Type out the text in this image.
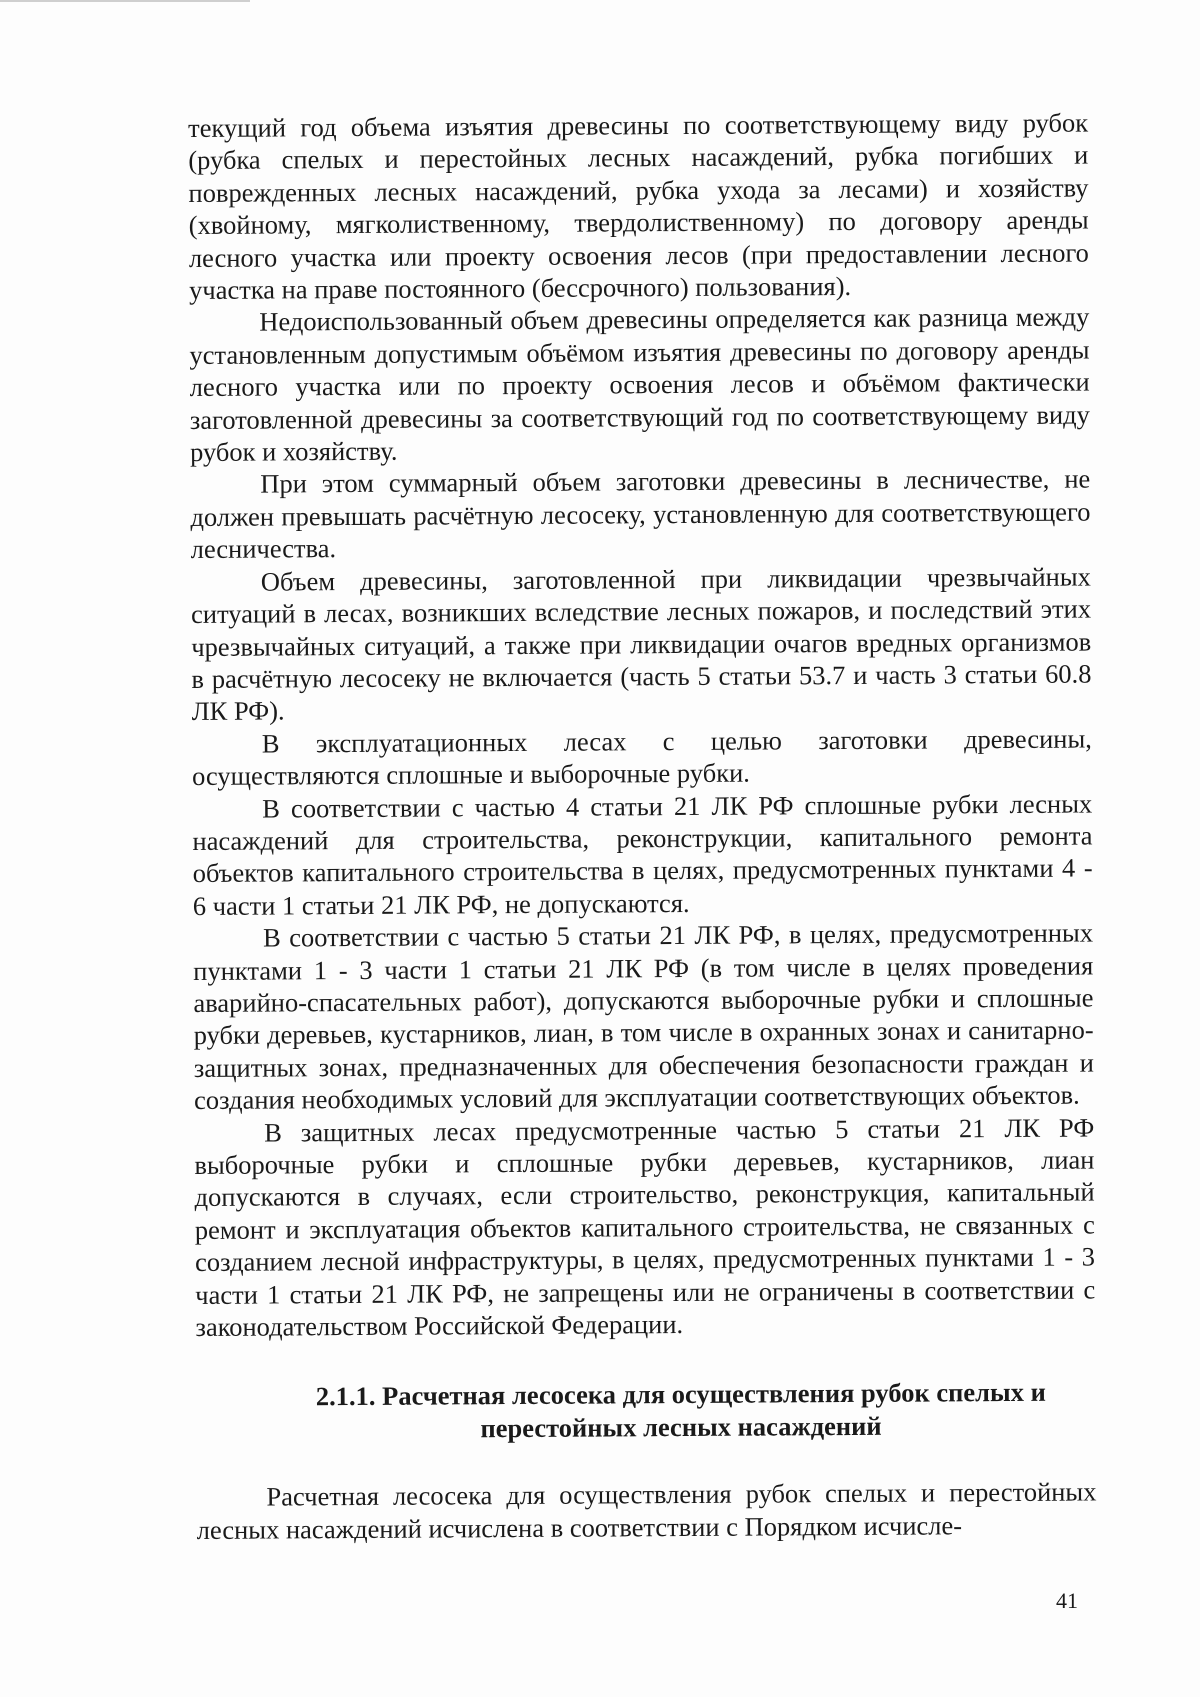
текущий год объема изъятия древесины по соответствующему виду рубок (рубка спелых и перестойных лесных насаждений, рубка погибших и поврежденных лесных насаждений, рубка ухода за лесами) и хозяйству (хвойному, мягколиственному, твердолиственному) по договору аренды лесного участка или проекту освоения лесов (при предоставлении лесного участка на праве постоянного (бессрочного) пользования).

Недоиспользованный объем древесины определяется как разница между установленным допустимым объёмом изъятия древесины по договору аренды лесного участка или по проекту освоения лесов и объёмом фактически заготовленной древесины за соответствующий год по соответствующему виду рубок и хозяйству.

При этом суммарный объем заготовки древесины в лесничестве, не должен превышать расчётную лесосеку, установленную для соответствующего лесничества.

Объем древесины, заготовленной при ликвидации чрезвычайных ситуаций в лесах, возникших вследствие лесных пожаров, и последствий этих чрезвычайных ситуаций, а также при ликвидации очагов вредных организмов в расчётную лесосеку не включается (часть 5 статьи 53.7 и часть 3 статьи 60.8 ЛК РФ).

В эксплуатационных лесах с целью заготовки древесины, осуществляются сплошные и выборочные рубки.

В соответствии с частью 4 статьи 21 ЛК РФ сплошные рубки лесных насаждений для строительства, реконструкции, капитального ремонта объектов капитального строительства в целях, предусмотренных пунктами 4 - 6 части 1 статьи 21 ЛК РФ, не допускаются.

В соответствии с частью 5 статьи 21 ЛК РФ, в целях, предусмотренных пунктами 1 - 3 части 1 статьи 21 ЛК РФ (в том числе в целях проведения аварийно-спасательных работ), допускаются выборочные рубки и сплошные рубки деревьев, кустарников, лиан, в том числе в охранных зонах и санитарно-защитных зонах, предназначенных для обеспечения безопасности граждан и создания необходимых условий для эксплуатации соответствующих объектов.

В защитных лесах предусмотренные частью 5 статьи 21 ЛК РФ выборочные рубки и сплошные рубки деревьев, кустарников, лиан допускаются в случаях, если строительство, реконструкция, капитальный ремонт и эксплуатация объектов капитального строительства, не связанных с созданием лесной инфраструктуры, в целях, предусмотренных пунктами 1 - 3 части 1 статьи 21 ЛК РФ, не запрещены или не ограничены в соответствии с законодательством Российской Федерации.

2.1.1. Расчетная лесосека для осуществления рубок спелых и перестойных лесных насаждений

Расчетная лесосека для осуществления рубок спелых и перестойных лесных насаждений исчислена в соответствии с Порядком исчисле-

41
